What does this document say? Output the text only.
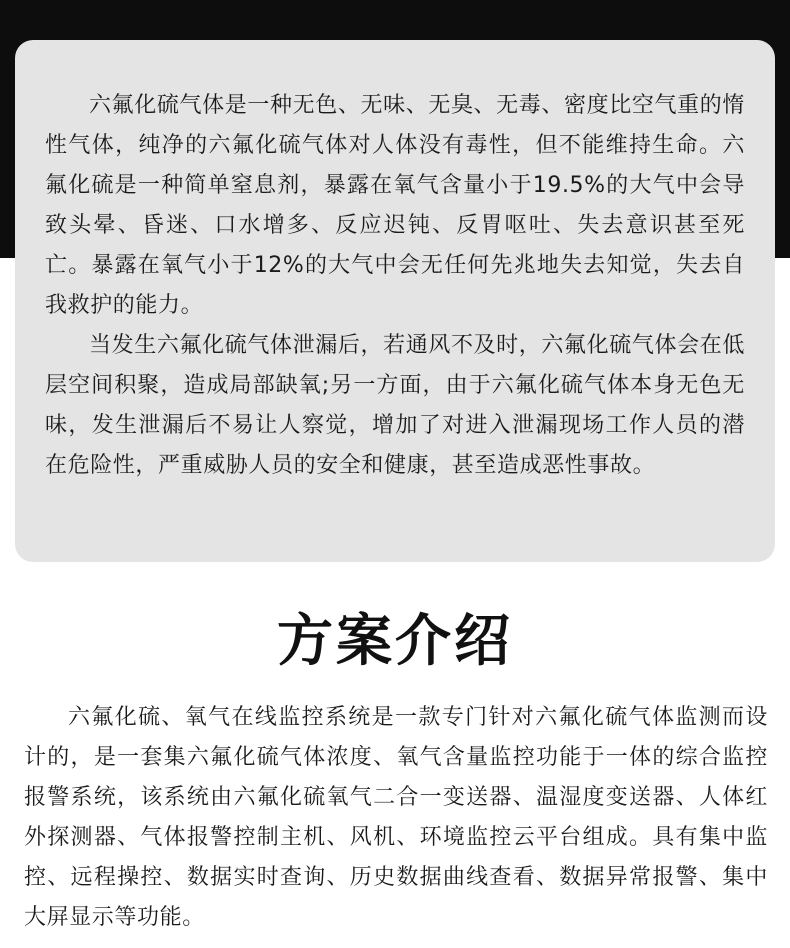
六氟化硫气体是一种无色、无味、无臭、无毒、密度比空气重的惰性气体，纯净的六氟化硫气体对人体没有毒性，但不能维持生命。六氟化硫是一种简单窒息剂，暴露在氧气含量小于19.5%的大气中会导致头晕、昏迷、口水增多、反应迟钝、反胃呕吐、失去意识甚至死亡。暴露在氧气小于12%的大气中会无任何先兆地失去知觉，失去自我救护的能力。

当发生六氟化硫气体泄漏后，若通风不及时，六氟化硫气体会在低层空间积聚，造成局部缺氧;另一方面，由于六氟化硫气体本身无色无味，发生泄漏后不易让人察觉，增加了对进入泄漏现场工作人员的潜在危险性，严重威胁人员的安全和健康，甚至造成恶性事故。

方案介绍

六氟化硫、氧气在线监控系统是一款专门针对六氟化硫气体监测而设计的，是一套集六氟化硫气体浓度、氧气含量监控功能于一体的综合监控报警系统，该系统由六氟化硫氧气二合一变送器、温湿度变送器、人体红外探测器、气体报警控制主机、风机、环境监控云平台组成。具有集中监控、远程操控、数据实时查询、历史数据曲线查看、数据异常报警、集中大屏显示等功能。
